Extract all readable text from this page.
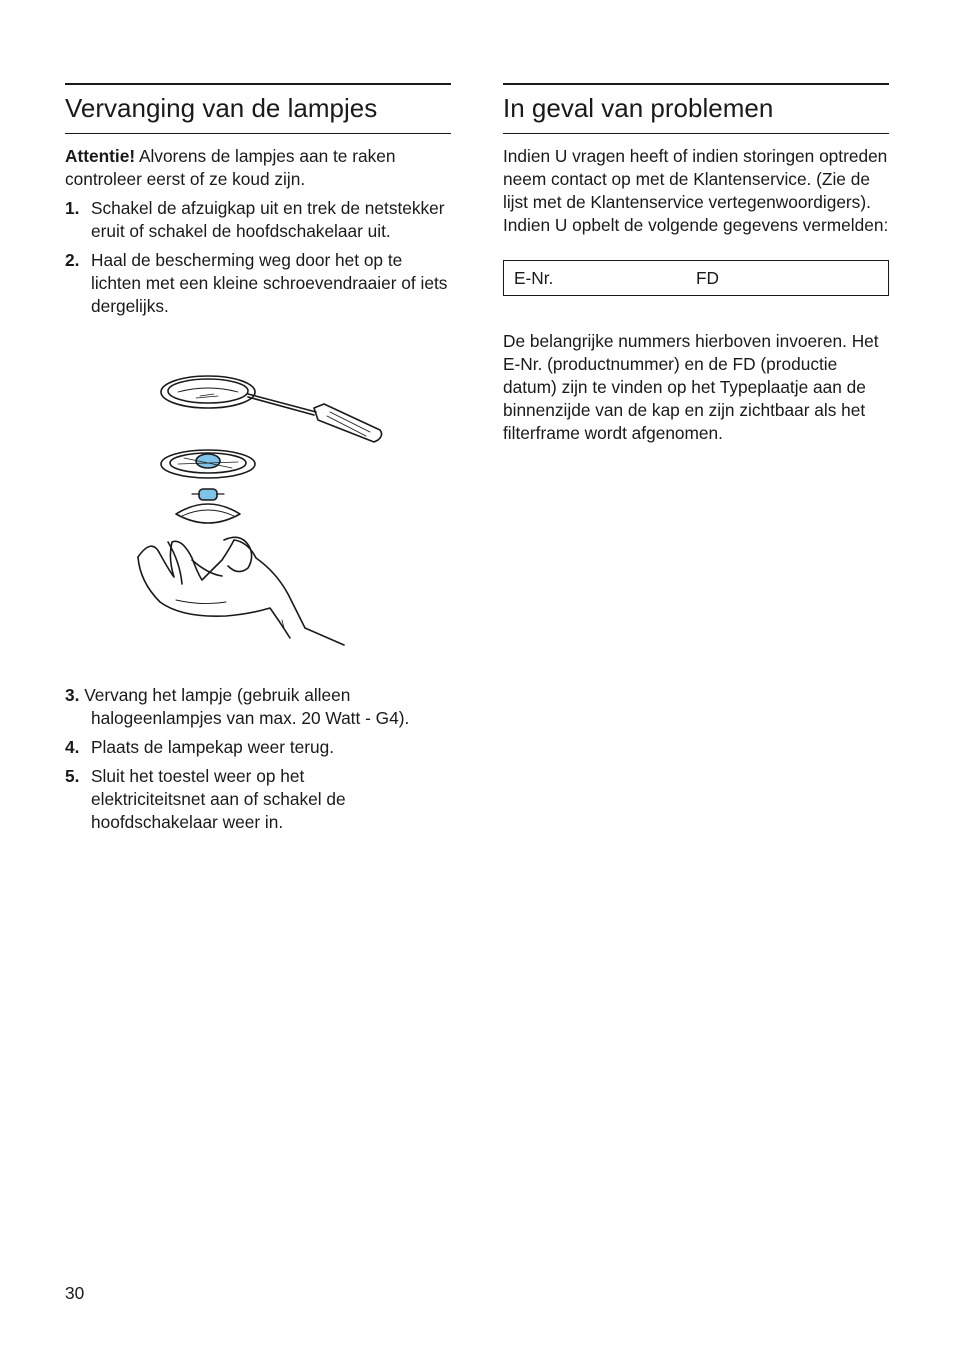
Vervanging van de lampjes

Attentie! Alvorens de lampjes aan te raken controleer eerst of ze koud zijn.

1. Schakel de afzuigkap uit en trek de netstekker eruit of schakel de hoofdschakelaar uit.
2. Haal de bescherming weg door het op te lichten met een kleine schroevendraaier of iets dergelijks.
3. Vervang het lampje (gebruik alleen
halogeenlampjes van max. 20 Watt - G4).
4. Plaats de lampekap weer terug.
5. Sluit het toestel weer op het elektriciteitsnet aan of schakel de hoofdschakelaar weer in.
In geval van problemen

Indien U vragen heeft of indien storingen optreden neem contact op met de Klantenservice. (Zie de lijst met de Klantenservice vertegenwoordigers). Indien U opbelt de volgende gegevens vermelden:

E-Nr.	FD

De belangrijke nummers hierboven invoeren. Het E-Nr. (productnummer) en de FD (productie datum) zijn te vinden op het Typeplaatje aan de binnenzijde van de kap en zijn zichtbaar als het filterframe wordt afgenomen.

30
